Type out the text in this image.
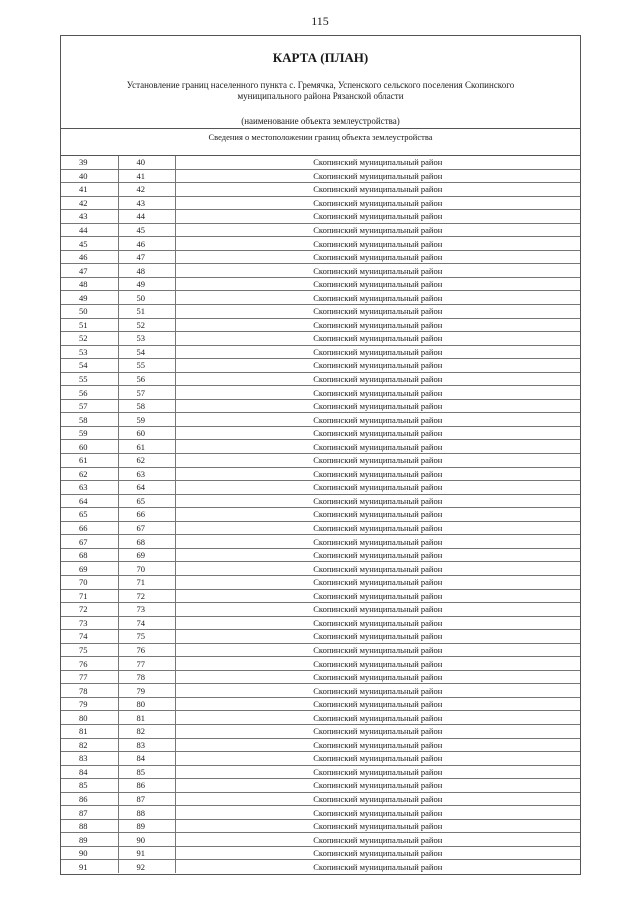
115
КАРТА (ПЛАН)
Установление границ населенного пункта с. Гремячка, Успенского сельского поселения Скопинского
муниципального района Рязанской области
(наименование объекта землеустройства)
Сведения о местоположении границ объекта землеустройства
39	40	Скопинский муниципальный район
40	41	Скопинский муниципальный район
41	42	Скопинский муниципальный район
42	43	Скопинский муниципальный район
43	44	Скопинский муниципальный район
44	45	Скопинский муниципальный район
45	46	Скопинский муниципальный район
46	47	Скопинский муниципальный район
47	48	Скопинский муниципальный район
48	49	Скопинский муниципальный район
49	50	Скопинский муниципальный район
50	51	Скопинский муниципальный район
51	52	Скопинский муниципальный район
52	53	Скопинский муниципальный район
53	54	Скопинский муниципальный район
54	55	Скопинский муниципальный район
55	56	Скопинский муниципальный район
56	57	Скопинский муниципальный район
57	58	Скопинский муниципальный район
58	59	Скопинский муниципальный район
59	60	Скопинский муниципальный район
60	61	Скопинский муниципальный район
61	62	Скопинский муниципальный район
62	63	Скопинский муниципальный район
63	64	Скопинский муниципальный район
64	65	Скопинский муниципальный район
65	66	Скопинский муниципальный район
66	67	Скопинский муниципальный район
67	68	Скопинский муниципальный район
68	69	Скопинский муниципальный район
69	70	Скопинский муниципальный район
70	71	Скопинский муниципальный район
71	72	Скопинский муниципальный район
72	73	Скопинский муниципальный район
73	74	Скопинский муниципальный район
74	75	Скопинский муниципальный район
75	76	Скопинский муниципальный район
76	77	Скопинский муниципальный район
77	78	Скопинский муниципальный район
78	79	Скопинский муниципальный район
79	80	Скопинский муниципальный район
80	81	Скопинский муниципальный район
81	82	Скопинский муниципальный район
82	83	Скопинский муниципальный район
83	84	Скопинский муниципальный район
84	85	Скопинский муниципальный район
85	86	Скопинский муниципальный район
86	87	Скопинский муниципальный район
87	88	Скопинский муниципальный район
88	89	Скопинский муниципальный район
89	90	Скопинский муниципальный район
90	91	Скопинский муниципальный район
91	92	Скопинский муниципальный район
